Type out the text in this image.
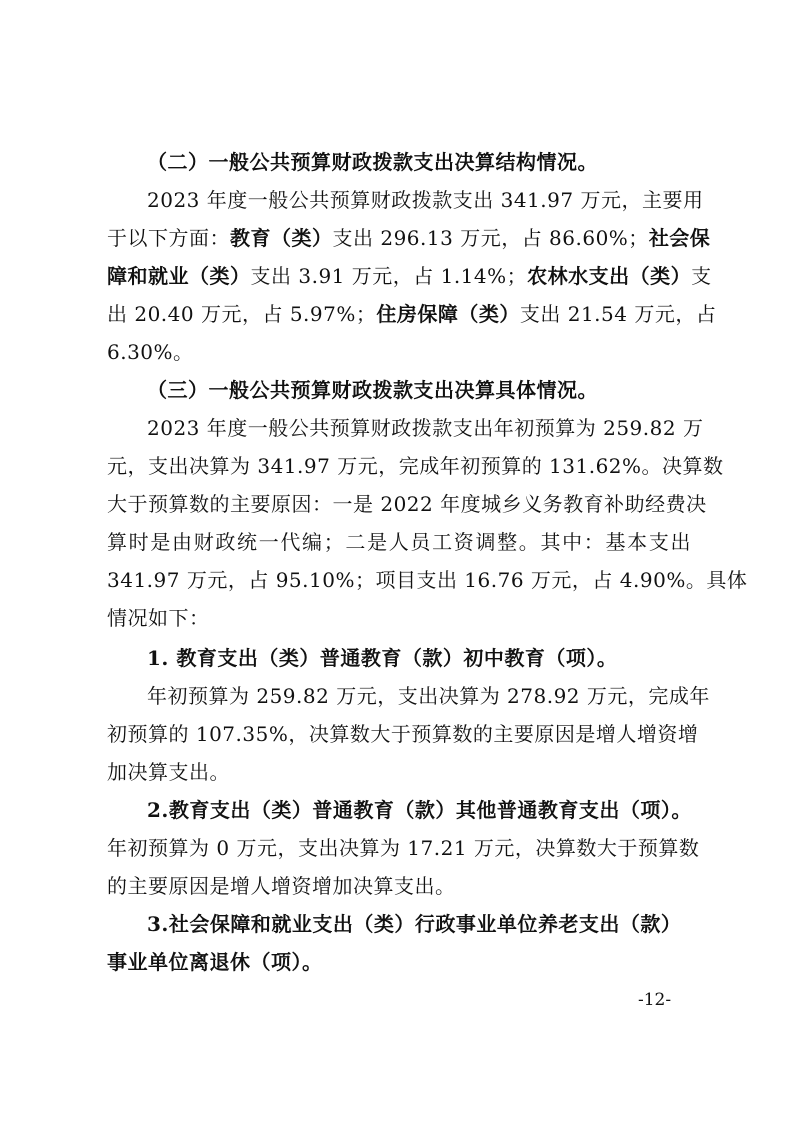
（二）一般公共预算财政拨款支出决算结构情况。
2023 年度一般公共预算财政拨款支出 341.97 万元，主要用
于以下方面：教育（类）支出 296.13 万元，占 86.60%；社会保
障和就业（类）支出 3.91 万元，占 1.14%；农林水支出（类）支
出 20.40 万元，占 5.97%；住房保障（类）支出 21.54 万元，占
6.30%。
（三）一般公共预算财政拨款支出决算具体情况。
2023 年度一般公共预算财政拨款支出年初预算为 259.82 万
元，支出决算为 341.97 万元，完成年初预算的 131.62%。决算数
大于预算数的主要原因：一是 2022 年度城乡义务教育补助经费决
算时是由财政统一代编；二是人员工资调整。其中：基本支出
341.97 万元，占 95.10%；项目支出 16.76 万元，占 4.90%。具体
情况如下：
1. 教育支出（类）普通教育（款）初中教育（项）。
年初预算为 259.82 万元，支出决算为 278.92 万元，完成年
初预算的 107.35%，决算数大于预算数的主要原因是增人增资增
加决算支出。
2.教育支出（类）普通教育（款）其他普通教育支出（项）。
年初预算为 0 万元，支出决算为 17.21 万元，决算数大于预算数
的主要原因是增人增资增加决算支出。
3.社会保障和就业支出（类）行政事业单位养老支出（款）
事业单位离退休（项）。
-12-
